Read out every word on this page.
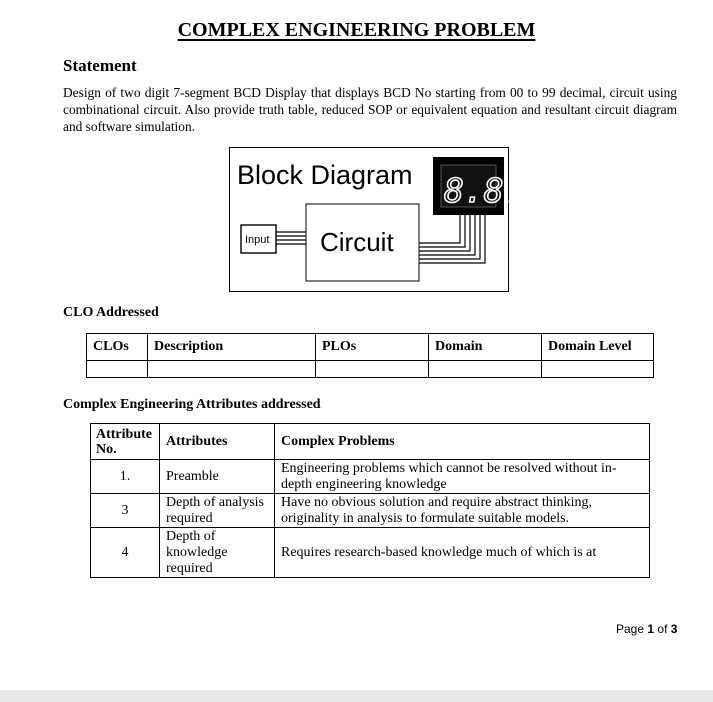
COMPLEX ENGINEERING PROBLEM
Statement
Design of two digit 7-segment BCD Display that displays BCD No starting from 00 to 99 decimal, circuit using combinational circuit. Also provide truth table, reduced SOP or equivalent equation and resultant circuit diagram and software simulation.
Block Diagram 8.8.
Circuit
Input
CLO Addressed
CLOs	Description	PLOs	Domain	Domain Level

Complex Engineering Attributes addressed
Attribute No.	Attributes	Complex Problems
1.	Preamble	Engineering problems which cannot be resolved without in-depth engineering knowledge
3	Depth of analysis required	Have no obvious solution and require abstract thinking, originality in analysis to formulate suitable models.
4	Depth of knowledge required	Requires research-based knowledge much of which is at
Page 1 of 3
